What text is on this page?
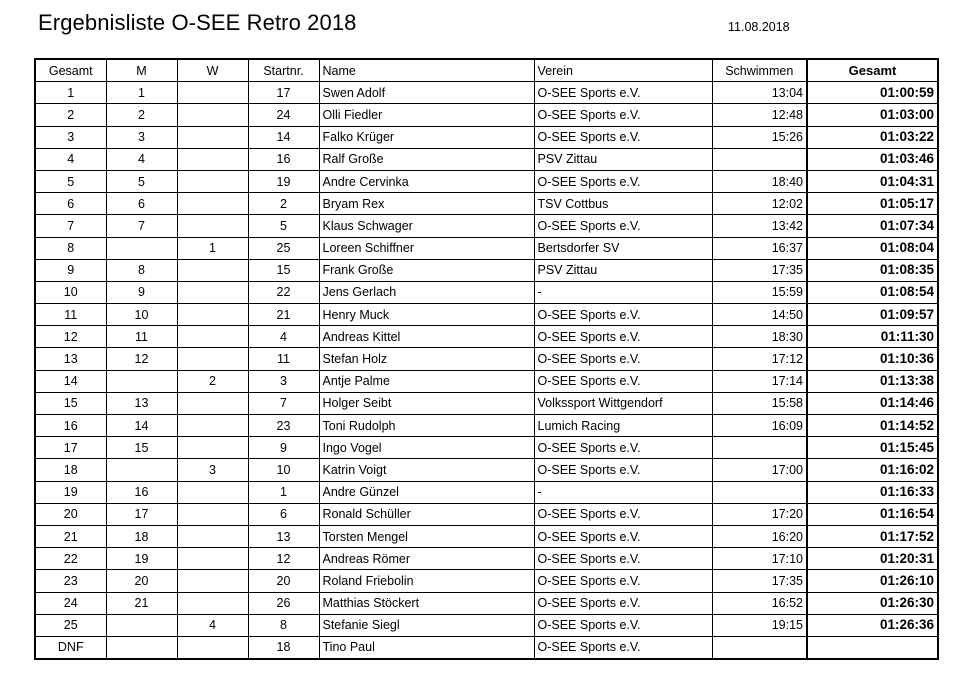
Ergebnisliste O-SEE Retro 2018	11.08.2018
Gesamt	M	W	Startnr.	Name	Verein	Schwimmen	Gesamt
1	1		17	Swen Adolf	O-SEE Sports e.V.	13:04	01:00:59
2	2		24	Olli Fiedler	O-SEE Sports e.V.	12:48	01:03:00
3	3		14	Falko Krüger	O-SEE Sports e.V.	15:26	01:03:22
4	4		16	Ralf Große	PSV Zittau		01:03:46
5	5		19	Andre Cervinka	O-SEE Sports e.V.	18:40	01:04:31
6	6		2	Bryam Rex	TSV Cottbus	12:02	01:05:17
7	7		5	Klaus Schwager	O-SEE Sports e.V.	13:42	01:07:34
8		1	25	Loreen Schiffner	Bertsdorfer SV	16:37	01:08:04
9	8		15	Frank Große	PSV Zittau	17:35	01:08:35
10	9		22	Jens Gerlach	-	15:59	01:08:54
11	10		21	Henry Muck	O-SEE Sports e.V.	14:50	01:09:57
12	11		4	Andreas Kittel	O-SEE Sports e.V.	18:30	01:11:30
13	12		11	Stefan Holz	O-SEE Sports e.V.	17:12	01:10:36
14		2	3	Antje Palme	O-SEE Sports e.V.	17:14	01:13:38
15	13		7	Holger Seibt	Volkssport Wittgendorf	15:58	01:14:46
16	14		23	Toni Rudolph	Lumich Racing	16:09	01:14:52
17	15		9	Ingo Vogel	O-SEE Sports e.V.		01:15:45
18		3	10	Katrin Voigt	O-SEE Sports e.V.	17:00	01:16:02
19	16		1	Andre Günzel	-		01:16:33
20	17		6	Ronald Schüller	O-SEE Sports e.V.	17:20	01:16:54
21	18		13	Torsten Mengel	O-SEE Sports e.V.	16:20	01:17:52
22	19		12	Andreas Römer	O-SEE Sports e.V.	17:10	01:20:31
23	20		20	Roland Friebolin	O-SEE Sports e.V.	17:35	01:26:10
24	21		26	Matthias Stöckert	O-SEE Sports e.V.	16:52	01:26:30
25		4	8	Stefanie Siegl	O-SEE Sports e.V.	19:15	01:26:36
DNF			18	Tino Paul	O-SEE Sports e.V.		
